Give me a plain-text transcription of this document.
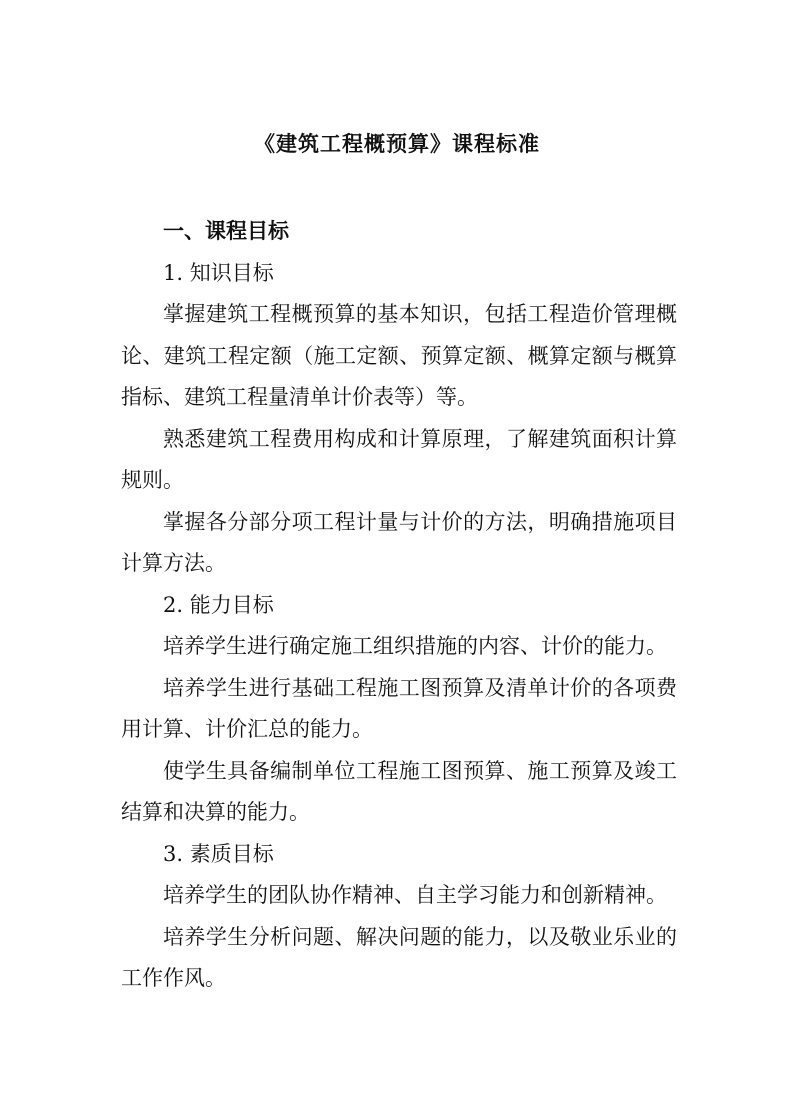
《建筑工程概预算》课程标准

一、课程目标

1. 知识目标

掌握建筑工程概预算的基本知识，包括工程造价管理概论、建筑工程定额（施工定额、预算定额、概算定额与概算指标、建筑工程量清单计价表等）等。

熟悉建筑工程费用构成和计算原理，了解建筑面积计算规则。

掌握各分部分项工程计量与计价的方法，明确措施项目计算方法。

2. 能力目标

培养学生进行确定施工组织措施的内容、计价的能力。

培养学生进行基础工程施工图预算及清单计价的各项费用计算、计价汇总的能力。

使学生具备编制单位工程施工图预算、施工预算及竣工结算和决算的能力。

3. 素质目标

培养学生的团队协作精神、自主学习能力和创新精神。

培养学生分析问题、解决问题的能力，以及敬业乐业的工作作风。
